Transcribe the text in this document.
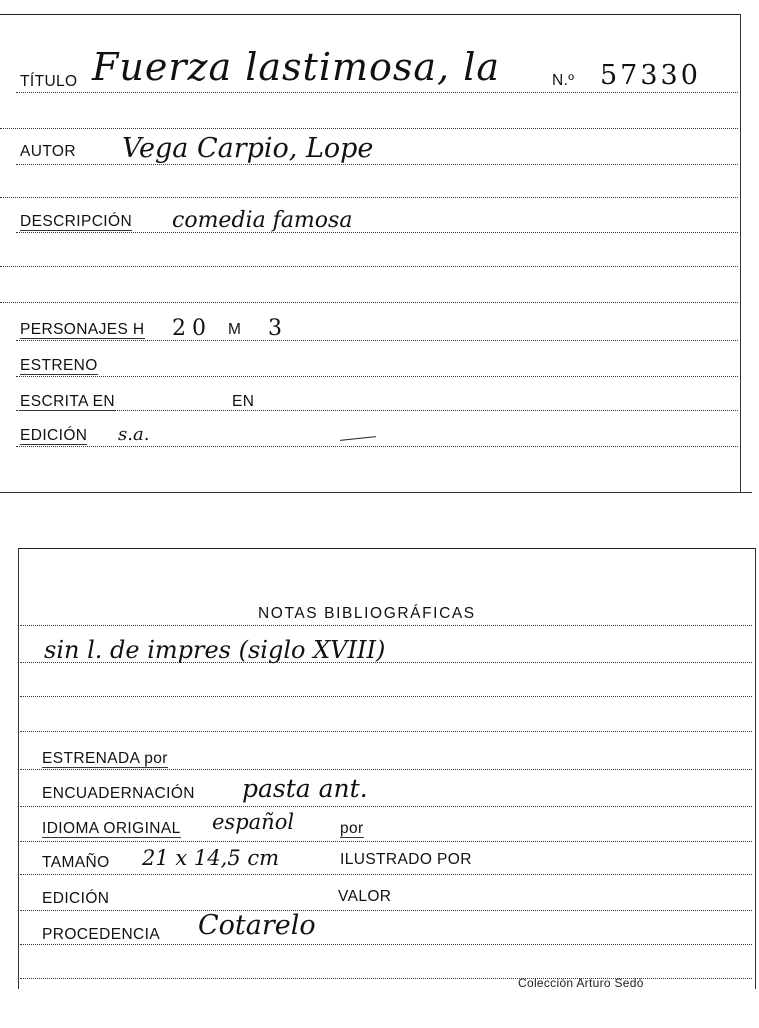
TÍTULO Fuerza lastimosa, la	N.º 57330
AUTOR Vega Carpio, Lope
DESCRIPCIÓN comedia famosa
PERSONAJES H 20 M 3
ESTRENO
ESCRITA EN	EN
EDICIÓN s.a.
NOTAS BIBLIOGRÁFICAS
sin l. de impres (siglo XVIII)
ESTRENADA por
ENCUADERNACIÓN pasta ant.
IDIOMA ORIGINAL español	por
TAMAÑO 21 x 14,5 cm	ILUSTRADO POR
EDICIÓN	VALOR
PROCEDENCIA Cotarelo
Colección Arturo Sedó
